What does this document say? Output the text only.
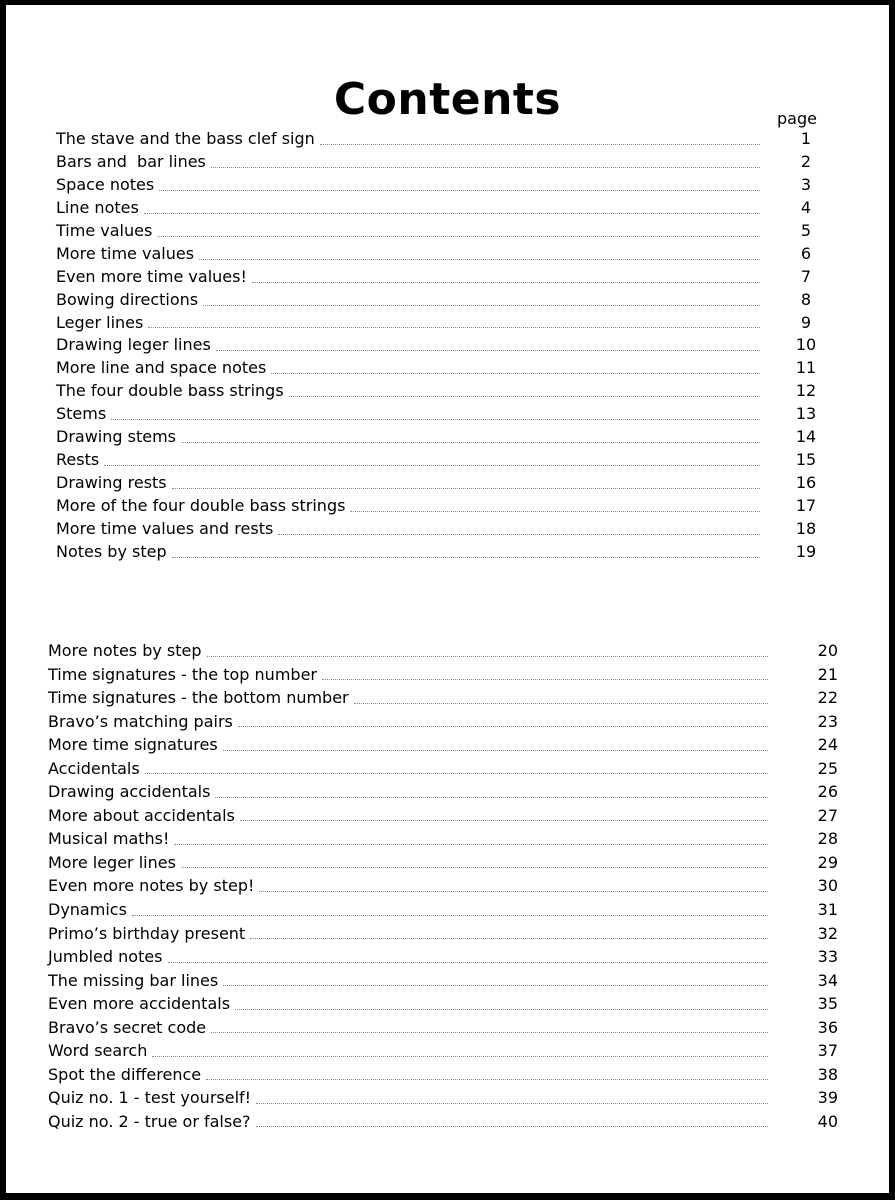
Contents	page
The stave and the bass clef sign	1
Bars and  bar lines	2
Space notes	3
Line notes	4
Time values	5
More time values	6
Even more time values!	7
Bowing directions	8
Leger lines	9
Drawing leger lines	10
More line and space notes	11
The four double bass strings	12
Stems	13
Drawing stems	14
Rests	15
Drawing rests	16
More of the four double bass strings	17
More time values and rests	18
Notes by step	19
More notes by step	20
Time signatures - the top number	21
Time signatures - the bottom number	22
Bravo’s matching pairs	23
More time signatures	24
Accidentals	25
Drawing accidentals	26
More about accidentals	27
Musical maths!	28
More leger lines	29
Even more notes by step!	30
Dynamics	31
Primo’s birthday present	32
Jumbled notes	33
The missing bar lines	34
Even more accidentals	35
Bravo’s secret code	36
Word search	37
Spot the difference	38
Quiz no. 1 - test yourself!	39
Quiz no. 2 - true or false?	40
